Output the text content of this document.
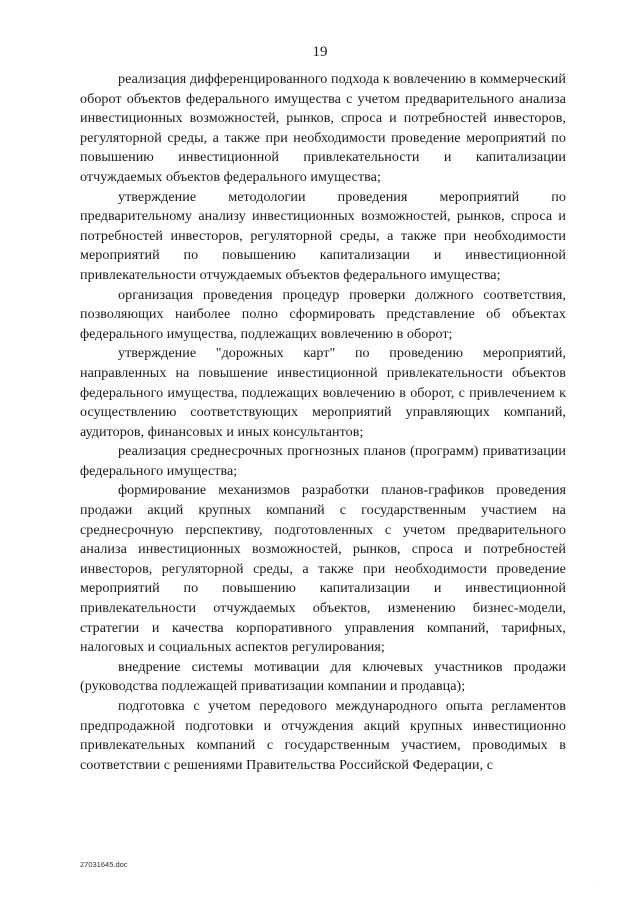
19

реализация дифференцированного подхода к вовлечению в коммерческий оборот объектов федерального имущества с учетом предварительного анализа инвестиционных возможностей, рынков, спроса и потребностей инвесторов, регуляторной среды, а также при необходимости проведение мероприятий по повышению инвестиционной привлекательности и капитализации отчуждаемых объектов федерального имущества;

утверждение методологии проведения мероприятий по предварительному анализу инвестиционных возможностей, рынков, спроса и потребностей инвесторов, регуляторной среды, а также при необходимости мероприятий по повышению капитализации и инвестиционной привлекательности отчуждаемых объектов федерального имущества;

организация проведения процедур проверки должного соответствия, позволяющих наиболее полно сформировать представление об объектах федерального имущества, подлежащих вовлечению в оборот;

утверждение "дорожных карт" по проведению мероприятий, направленных на повышение инвестиционной привлекательности объектов федерального имущества, подлежащих вовлечению в оборот, с привлечением к осуществлению соответствующих мероприятий управляющих компаний, аудиторов, финансовых и иных консультантов;

реализация среднесрочных прогнозных планов (программ) приватизации федерального имущества;

формирование механизмов разработки планов-графиков проведения продажи акций крупных компаний с государственным участием на среднесрочную перспективу, подготовленных с учетом предварительного анализа инвестиционных возможностей, рынков, спроса и потребностей инвесторов, регуляторной среды, а также при необходимости проведение мероприятий по повышению капитализации и инвестиционной привлекательности отчуждаемых объектов, изменению бизнес-модели, стратегии и качества корпоративного управления компаний, тарифных, налоговых и социальных аспектов регулирования;

внедрение системы мотивации для ключевых участников продажи (руководства подлежащей приватизации компании и продавца);

подготовка с учетом передового международного опыта регламентов предпродажной подготовки и отчуждения акций крупных инвестиционно привлекательных компаний с государственным участием, проводимых в соответствии с решениями Правительства Российской Федерации, с

27031645.doc
·
